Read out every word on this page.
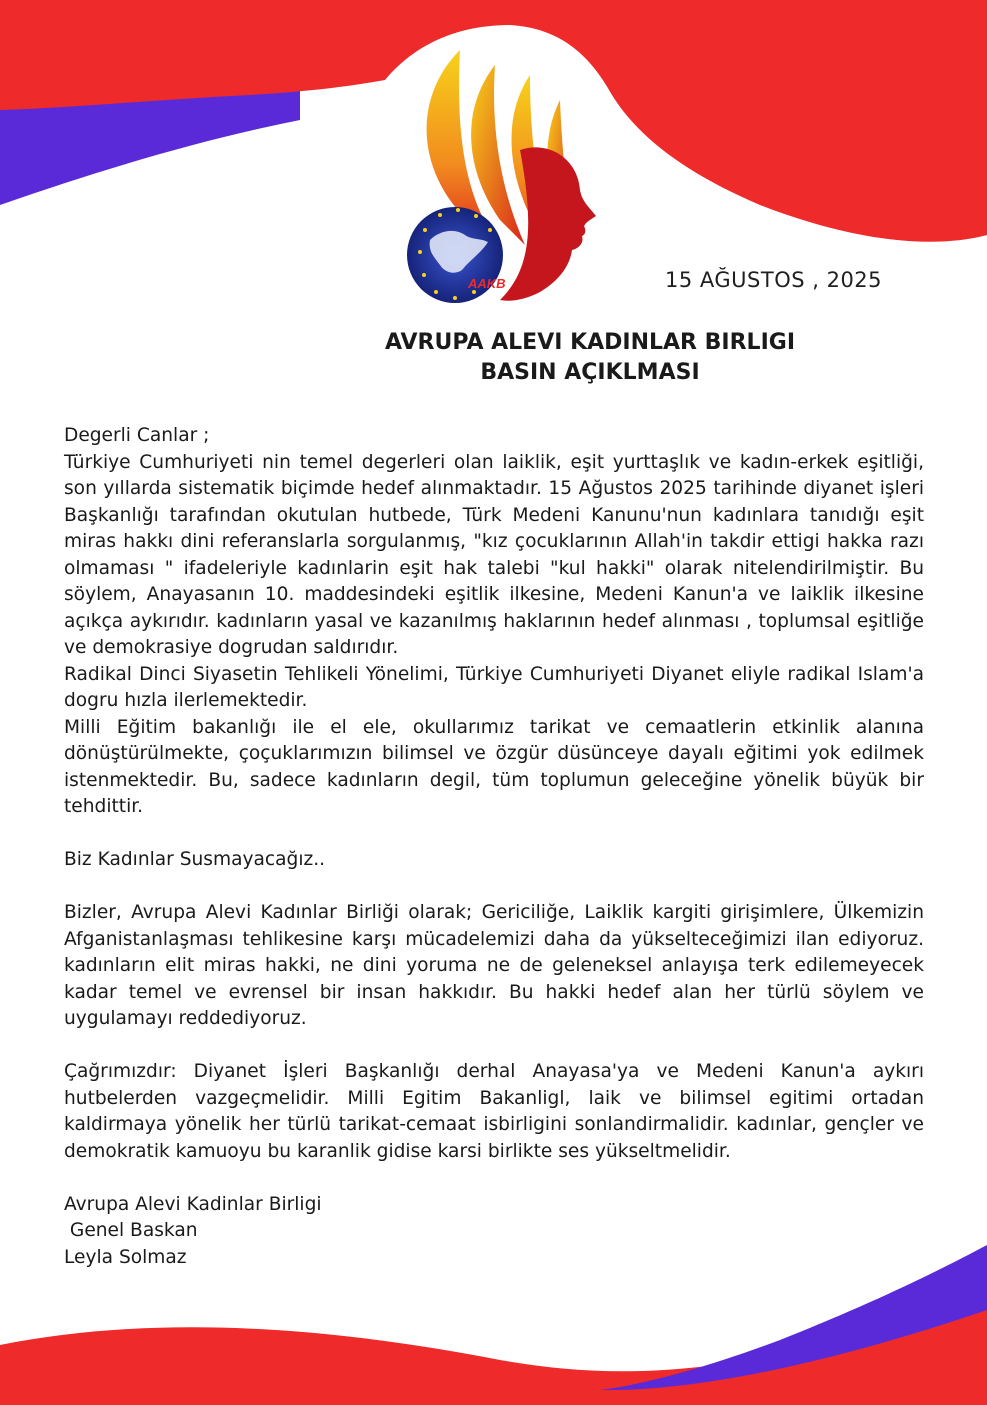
AAKB	15 AĞUSTOS , 2025
AVRUPA ALEVI KADINLAR BIRLIGI
BASIN AÇIKLMASI

Degerli Canlar ;

Türkiye Cumhuriyeti nin temel degerleri olan laiklik, eşit yurttaşlık ve kadın-erkek eşitliği, son yıllarda sistematik biçimde hedef alınmaktadır. 15 Ağustos 2025 tarihinde diyanet işleri Başkanlığı tarafından okutulan hutbede, Türk Medeni Kanunu'nun kadınlara tanıdığı eşit miras hakkı dini referanslarla sorgulanmış, "kız çocuklarının Allah'in takdir ettigi hakka razı olmaması " ifadeleriyle kadınlarin eşit hak talebi "kul hakki" olarak nitelendirilmiştir. Bu söylem, Anayasanın 10. maddesindeki eşitlik ilkesine, Medeni Kanun'a ve laiklik ilkesine açıkça aykırıdır. kadınların yasal ve kazanılmış haklarının hedef alınması , toplumsal eşitliğe ve demokrasiye dogrudan saldırıdır.

Radikal Dinci Siyasetin Tehlikeli Yönelimi, Türkiye Cumhuriyeti Diyanet eliyle radikal Islam'a dogru hızla ilerlemektedir.

Milli Eğitim bakanlığı ile el ele, okullarımız tarikat ve cemaatlerin etkinlik alanına dönüştürülmekte, çoçuklarımızın bilimsel ve özgür düsünceye dayalı eğitimi yok edilmek istenmektedir. Bu, sadece kadınların degil, tüm toplumun geleceğine yönelik büyük bir tehdittir.

Biz Kadınlar Susmayacağız..

Bizler, Avrupa Alevi Kadınlar Birliği olarak; Gericiliğe, Laiklik kargiti girişimlere, Ülkemizin Afganistanlaşması tehlikesine karşı mücadelemizi daha da yükselteceğimizi ilan ediyoruz. kadınların elit miras hakki, ne dini yoruma ne de geleneksel anlayışa terk edilemeyecek kadar temel ve evrensel bir insan hakkıdır. Bu hakki hedef alan her türlü söylem ve uygulamayı reddediyoruz.

Çağrımızdır: Diyanet İşleri Başkanlığı derhal Anayasa'ya ve Medeni Kanun'a aykırı hutbelerden vazgeçmelidir. Milli Egitim Bakanligl, laik ve bilimsel egitimi ortadan kaldirmaya yönelik her türlü tarikat-cemaat isbirligini sonlandirmalidir. kadınlar, gençler ve demokratik kamuoyu bu karanlik gidise karsi birlikte ses yükseltmelidir.

Avrupa Alevi Kadinlar Birligi

Genel Baskan

Leyla Solmaz
